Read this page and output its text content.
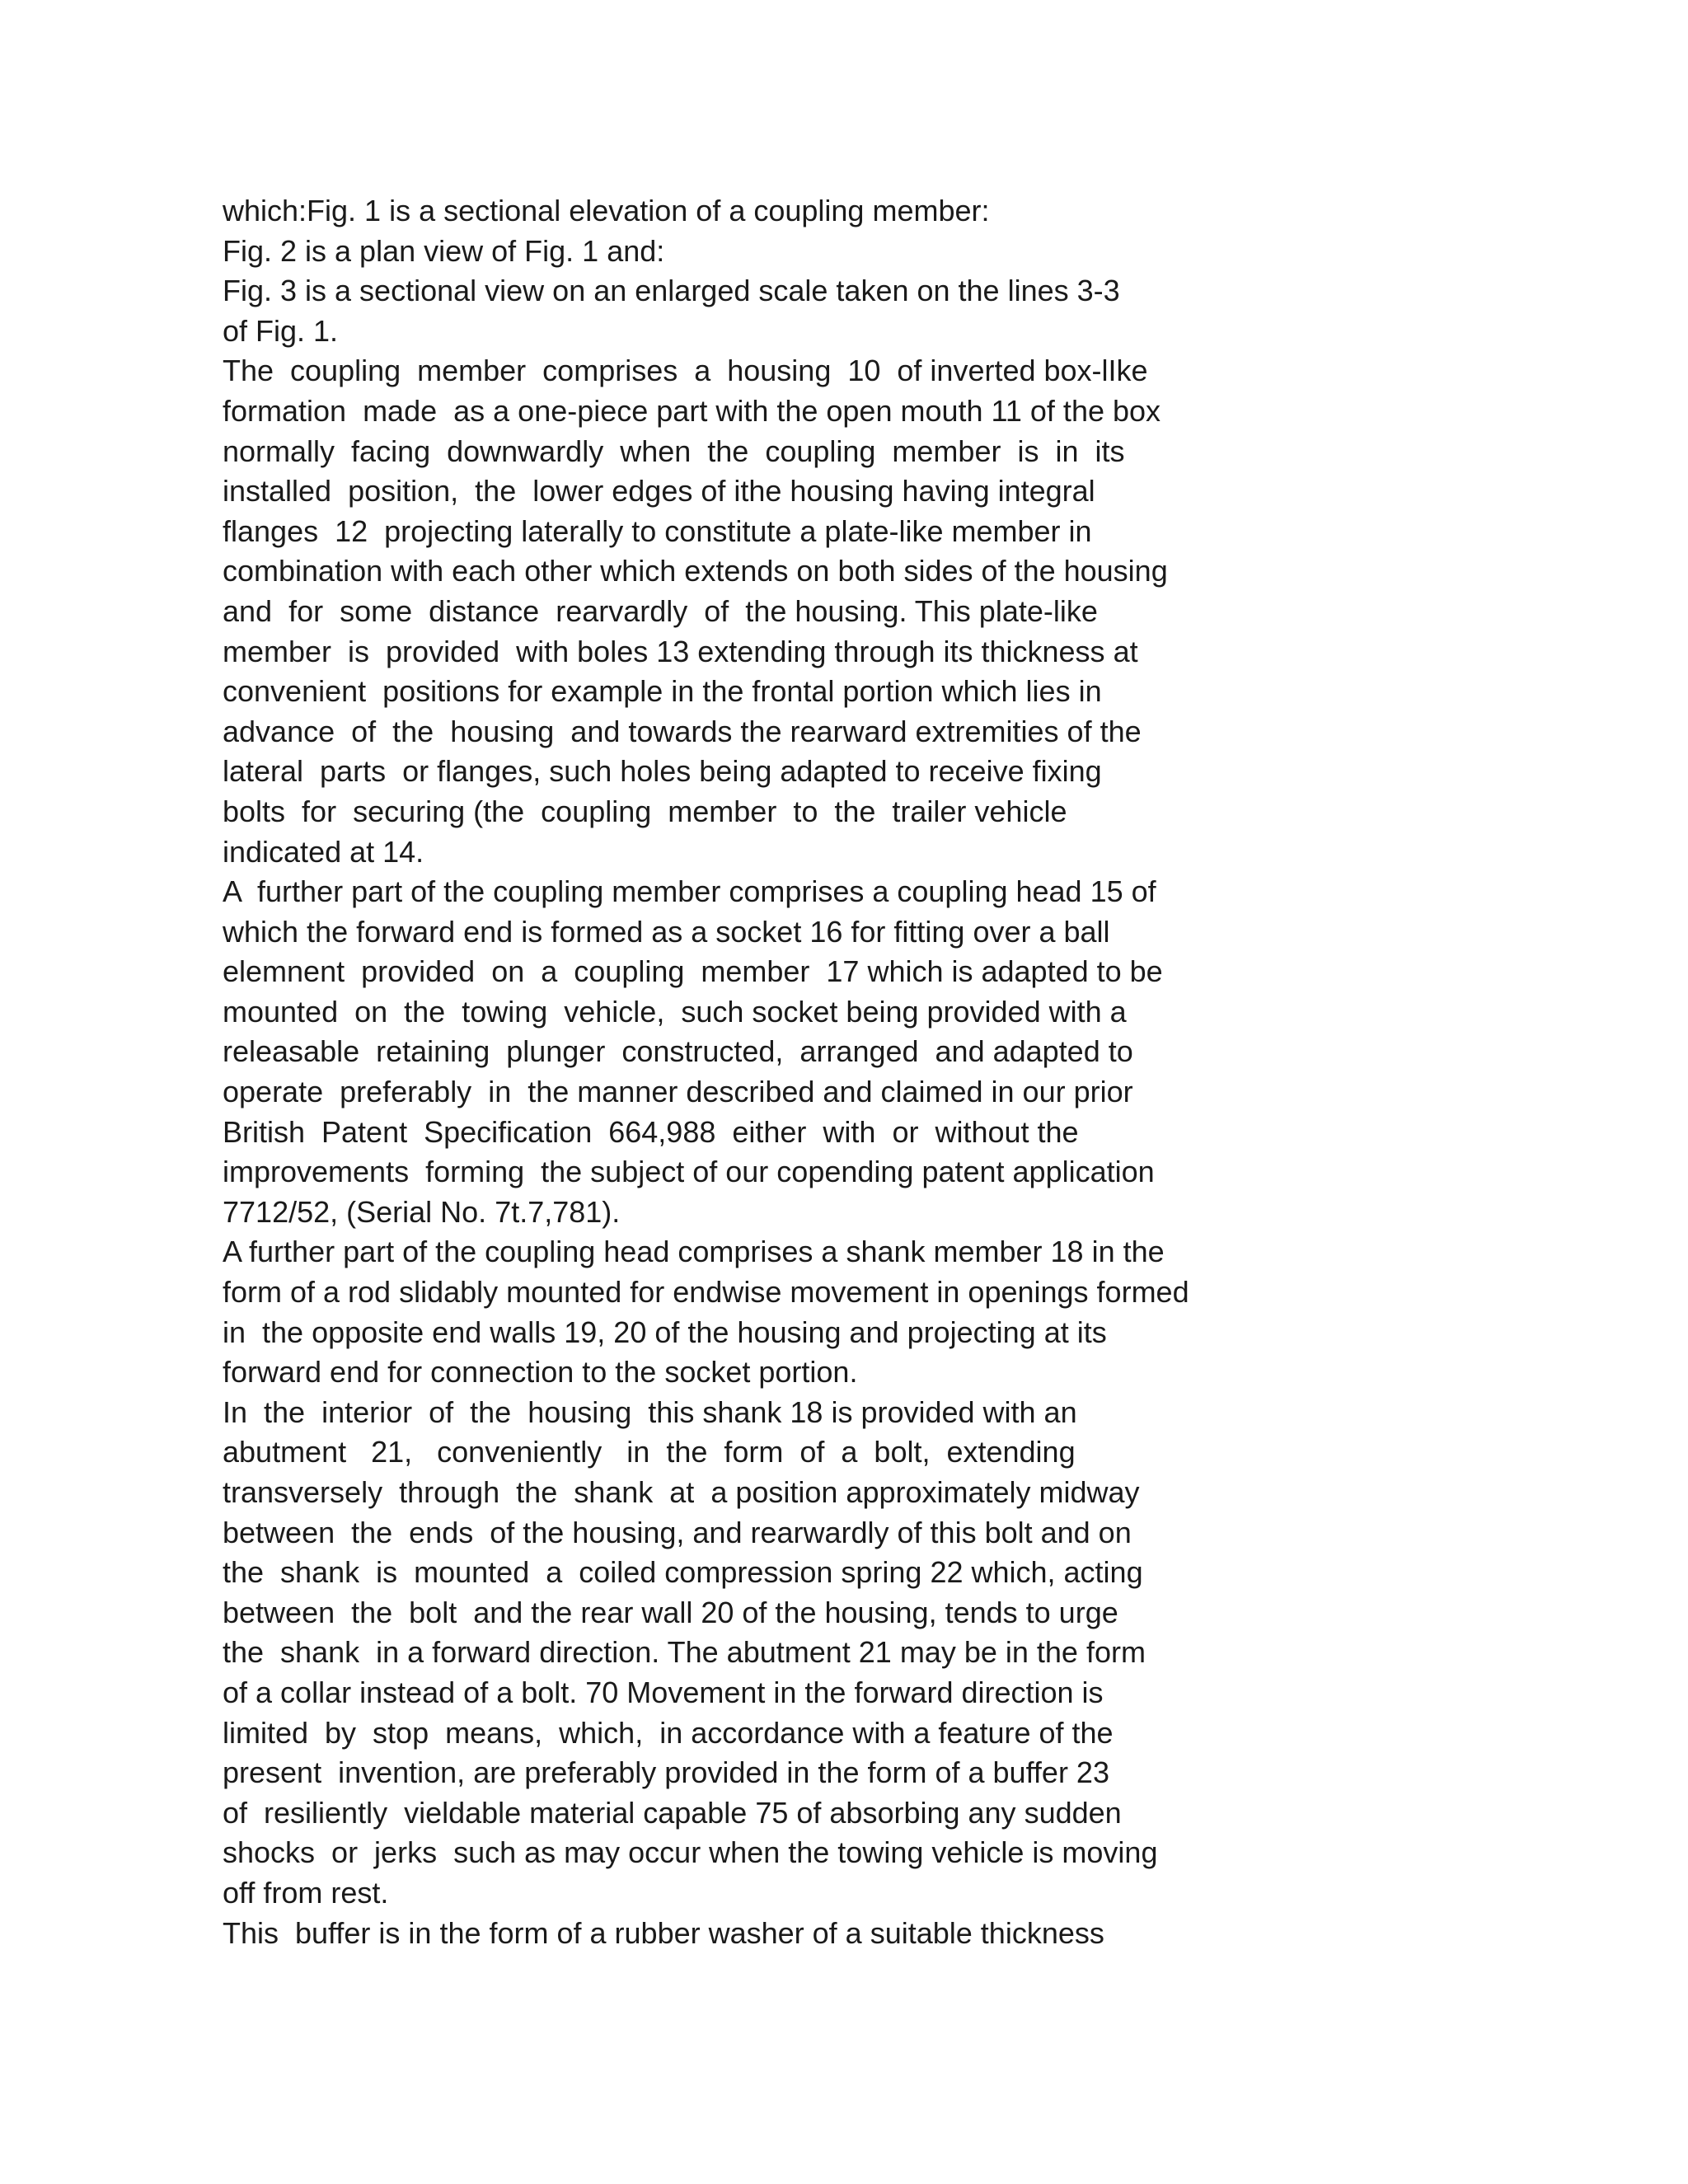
which:Fig. 1 is a sectional elevation of a coupling member:
Fig. 2 is a plan view of Fig. 1 and:
Fig. 3 is a sectional view on an enlarged scale taken on the lines 3-3
of Fig. 1.
The  coupling  member  comprises  a  housing  10  of inverted box-lIke
formation  made  as a one-piece part with the open mouth 11 of the box
normally  facing  downwardly  when  the  coupling  member  is  in  its
installed  position,  the  lower edges of ithe housing having integral
flanges  12  projecting laterally to constitute a plate-like member in
combination with each other which extends on both sides of the housing
and  for  some  distance  rearvardly  of  the housing. This plate-like
member  is  provided  with boles 13 extending through its thickness at
convenient  positions for example in the frontal portion which lies in
advance  of  the  housing  and towards the rearward extremities of the
lateral  parts  or flanges, such holes being adapted to receive fixing
bolts  for  securing (the  coupling  member  to  the  trailer vehicle
indicated at 14.
A  further part of the coupling member comprises a coupling head 15 of
which the forward end is formed as a socket 16 for fitting over a ball
elemnent  provided  on  a  coupling  member  17 which is adapted to be
mounted  on  the  towing  vehicle,  such socket being provided with a
releasable  retaining  plunger  constructed,  arranged  and adapted to
operate  preferably  in  the manner described and claimed in our prior
British  Patent  Specification  664,988  either  with  or  without the
improvements  forming  the subject of our copending patent application
7712/52, (Serial No. 7t.7,781).
A further part of the coupling head comprises a shank member 18 in the
form of a rod slidably mounted for endwise movement in openings formed
in  the opposite end walls 19, 20 of the housing and projecting at its
forward end for connection to the socket portion.
In  the  interior  of  the  housing  this shank 18 is provided with an
abutment   21,   conveniently   in  the  form  of  a  bolt,  extending
transversely  through  the  shank  at  a position approximately midway
between  the  ends  of the housing, and rearwardly of this bolt and on
the  shank  is  mounted  a  coiled compression spring 22 which, acting
between  the  bolt  and the rear wall 20 of the housing, tends to urge
the  shank  in a forward direction. The abutment 21 may be in the form
of a collar instead of a bolt. 70 Movement in the forward direction is
limited  by  stop  means,  which,  in accordance with a feature of the
present  invention, are preferably provided in the form of a buffer 23
of  resiliently  vieldable material capable 75 of absorbing any sudden
shocks  or  jerks  such as may occur when the towing vehicle is moving
off from rest.
This  buffer is in the form of a rubber washer of a suitable thickness
